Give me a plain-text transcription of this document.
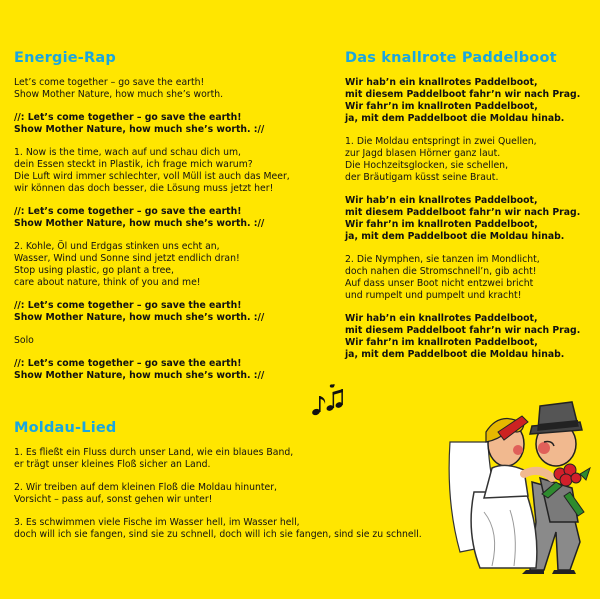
Energie-Rap
Let’s come together – go save the earth!
Show Mother Nature, how much she’s worth.
//: Let’s come together – go save the earth!
Show Mother Nature, how much she’s worth. ://
1. Now is the time, wach auf und schau dich um,
dein Essen steckt in Plastik, ich frage mich warum?
Die Luft wird immer schlechter, voll Müll ist auch das Meer,
wir können das doch besser, die Lösung muss jetzt her!
//: Let’s come together – go save the earth!
Show Mother Nature, how much she’s worth. ://
2. Kohle, Öl und Erdgas stinken uns echt an,
Wasser, Wind und Sonne sind jetzt endlich dran!
Stop using plastic, go plant a tree,
care about nature, think of you and me!
//: Let’s come together – go save the earth!
Show Mother Nature, how much she’s worth. ://
Solo
//: Let’s come together – go save the earth!
Show Mother Nature, how much she’s worth. ://
Das knallrote Paddelboot
Wir hab’n ein knallrotes Paddelboot,
mit diesem Paddelboot fahr’n wir nach Prag.
Wir fahr’n im knallroten Paddelboot,
ja, mit dem Paddelboot die Moldau hinab.
1. Die Moldau entspringt in zwei Quellen,
zur Jagd blasen Hörner ganz laut.
Die Hochzeitsglocken, sie schellen,
der Bräutigam küsst seine Braut.
Wir hab’n ein knallrotes Paddelboot,
mit diesem Paddelboot fahr’n wir nach Prag.
Wir fahr’n im knallroten Paddelboot,
ja, mit dem Paddelboot die Moldau hinab.
2. Die Nymphen, sie tanzen im Mondlicht,
doch nahen die Stromschnell’n, gib acht!
Auf dass unser Boot nicht entzwei bricht
und rumpelt und pumpelt und kracht!
Wir hab’n ein knallrotes Paddelboot,
mit diesem Paddelboot fahr’n wir nach Prag.
Wir fahr’n im knallroten Paddelboot,
ja, mit dem Paddelboot die Moldau hinab.
Moldau-Lied
1. Es fließt ein Fluss durch unser Land, wie ein blaues Band,
er trägt unser kleines Floß sicher an Land.
2. Wir treiben auf dem kleinen Floß die Moldau hinunter,
Vorsicht – pass auf, sonst gehen wir unter!
3. Es schwimmen viele Fische im Wasser hell, im Wasser hell,
doch will ich sie fangen, sind sie zu schnell, doch will ich sie fangen, sind sie zu schnell.
